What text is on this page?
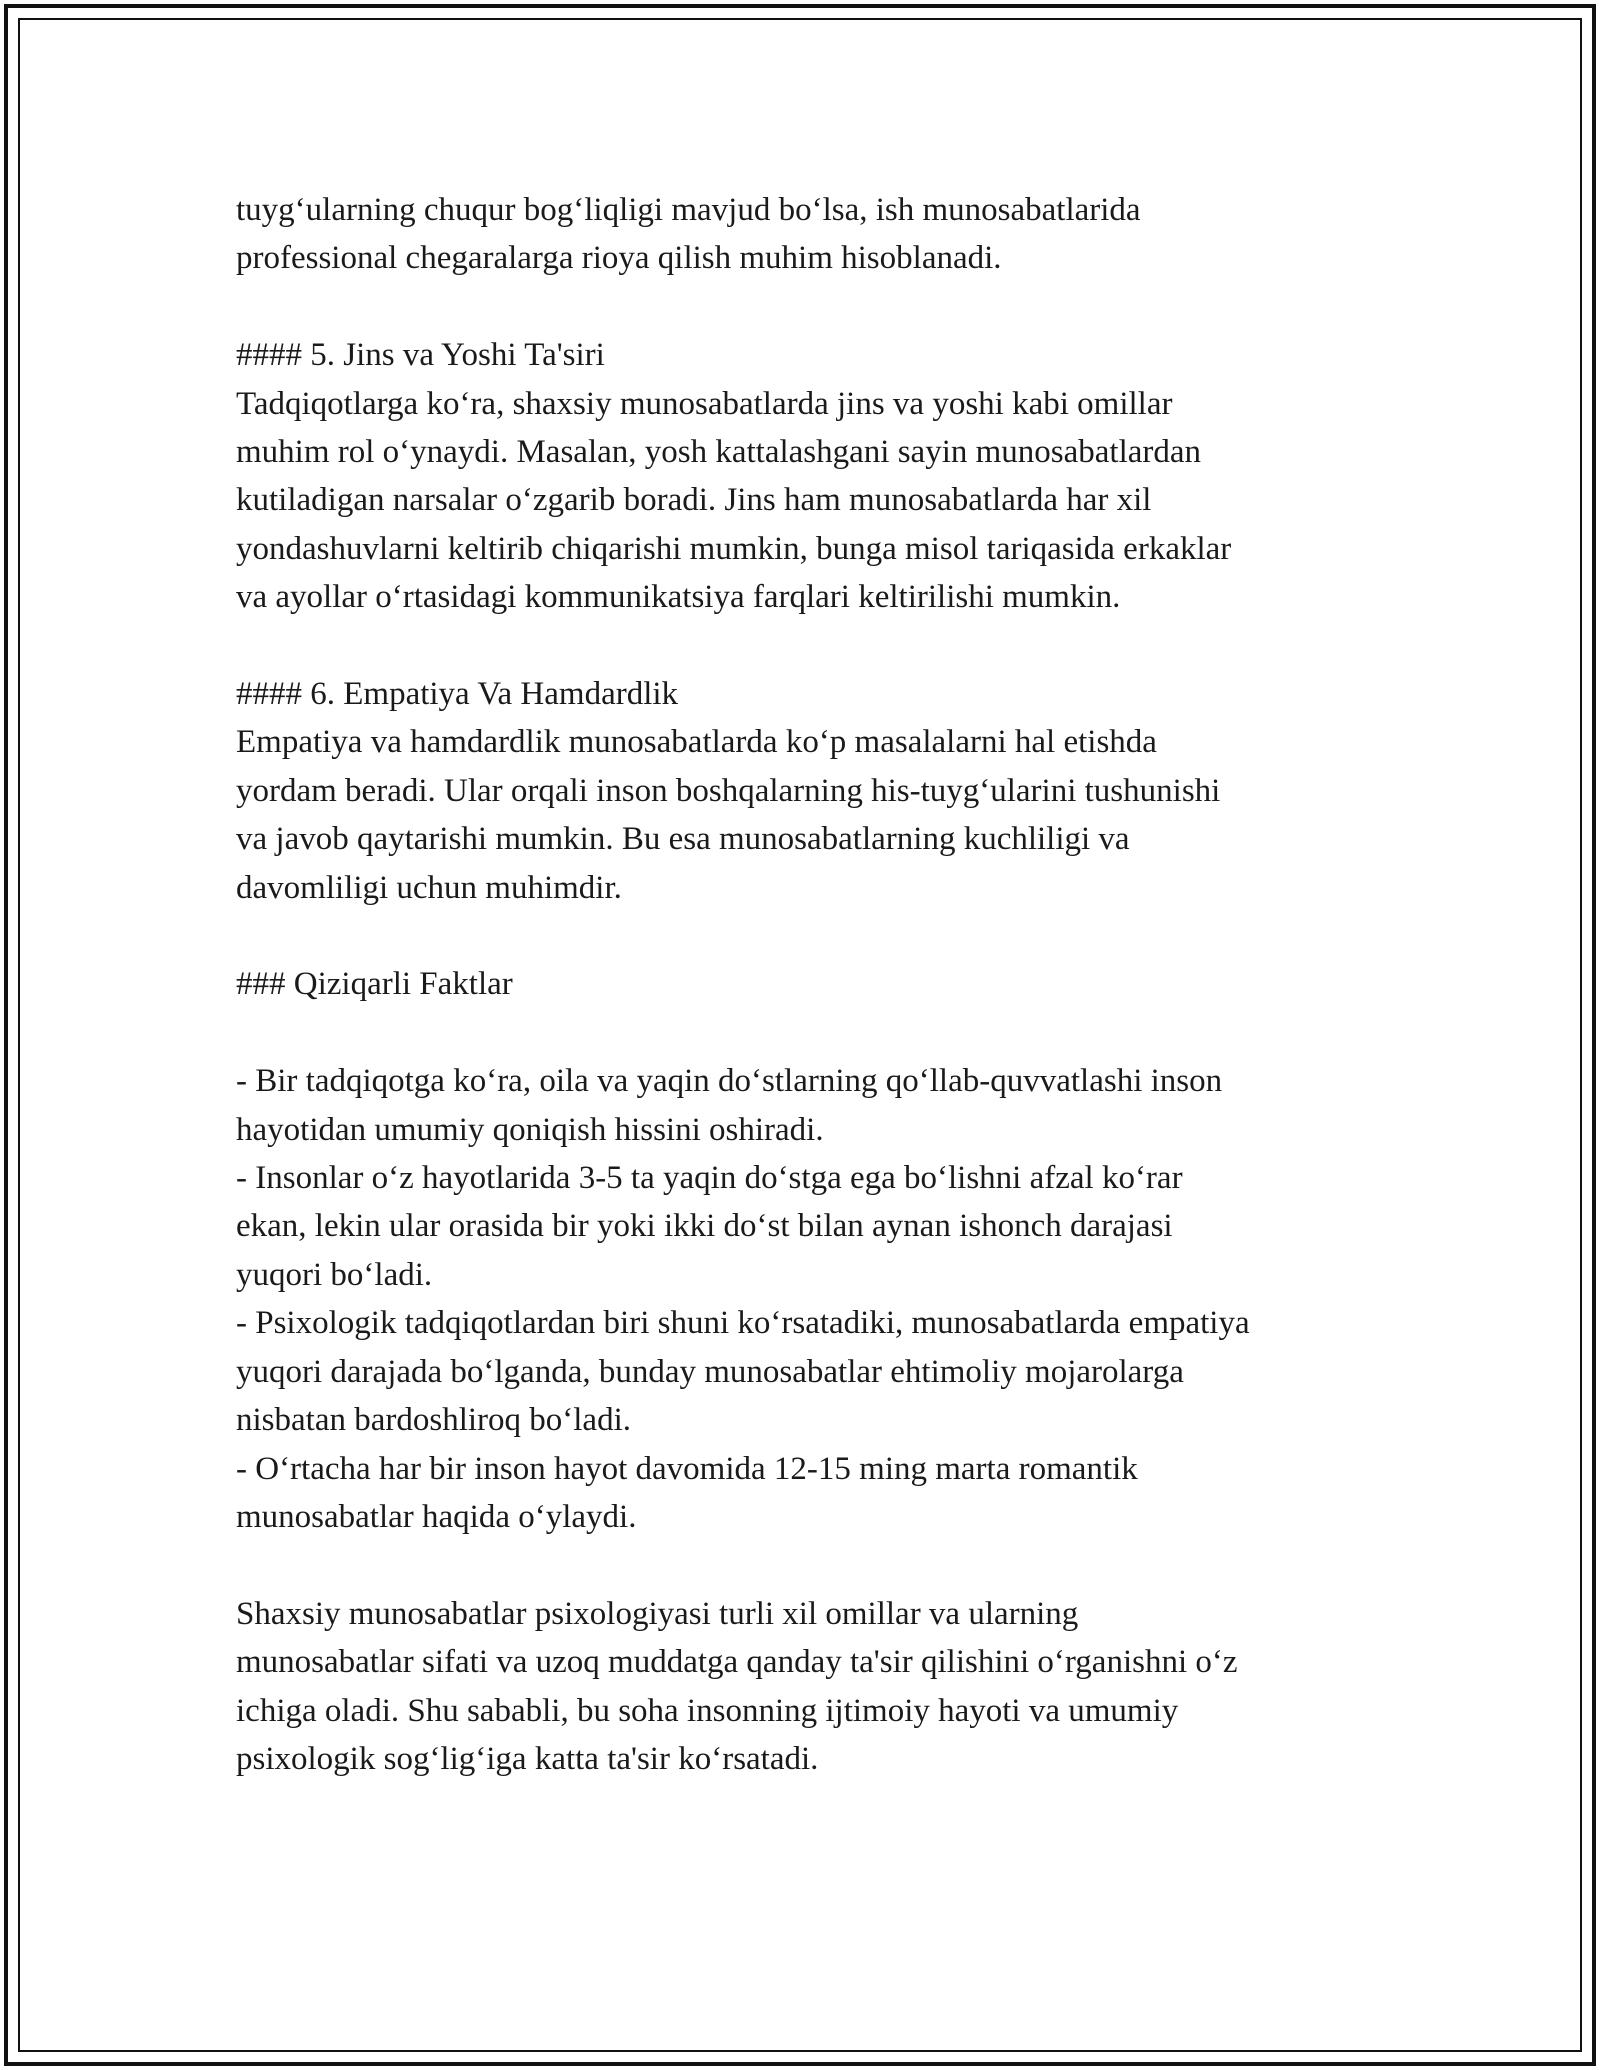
tuyg‘ularning chuqur bog‘liqligi mavjud bo‘lsa, ish munosabatlarida
professional chegaralarga rioya qilish muhim hisoblanadi.

#### 5. Jins va Yoshi Ta'siri
Tadqiqotlarga ko‘ra, shaxsiy munosabatlarda jins va yoshi kabi omillar
muhim rol o‘ynaydi. Masalan, yosh kattalashgani sayin munosabatlardan
kutiladigan narsalar o‘zgarib boradi. Jins ham munosabatlarda har xil
yondashuvlarni keltirib chiqarishi mumkin, bunga misol tariqasida erkaklar
va ayollar o‘rtasidagi kommunikatsiya farqlari keltirilishi mumkin.

#### 6. Empatiya Va Hamdardlik
Empatiya va hamdardlik munosabatlarda ko‘p masalalarni hal etishda
yordam beradi. Ular orqali inson boshqalarning his-tuyg‘ularini tushunishi
va javob qaytarishi mumkin. Bu esa munosabatlarning kuchliligi va
davomliligi uchun muhimdir.

### Qiziqarli Faktlar

- Bir tadqiqotga ko‘ra, oila va yaqin do‘stlarning qo‘llab-quvvatlashi inson
hayotidan umumiy qoniqish hissini oshiradi.
- Insonlar o‘z hayotlarida 3-5 ta yaqin do‘stga ega bo‘lishni afzal ko‘rar
ekan, lekin ular orasida bir yoki ikki do‘st bilan aynan ishonch darajasi
yuqori bo‘ladi.
- Psixologik tadqiqotlardan biri shuni ko‘rsatadiki, munosabatlarda empatiya
yuqori darajada bo‘lganda, bunday munosabatlar ehtimoliy mojarolarga
nisbatan bardoshliroq bo‘ladi.
- O‘rtacha har bir inson hayot davomida 12-15 ming marta romantik
munosabatlar haqida o‘ylaydi.

Shaxsiy munosabatlar psixologiyasi turli xil omillar va ularning
munosabatlar sifati va uzoq muddatga qanday ta'sir qilishini o‘rganishni o‘z
ichiga oladi. Shu sababli, bu soha insonning ijtimoiy hayoti va umumiy
psixologik sog‘lig‘iga katta ta'sir ko‘rsatadi.
